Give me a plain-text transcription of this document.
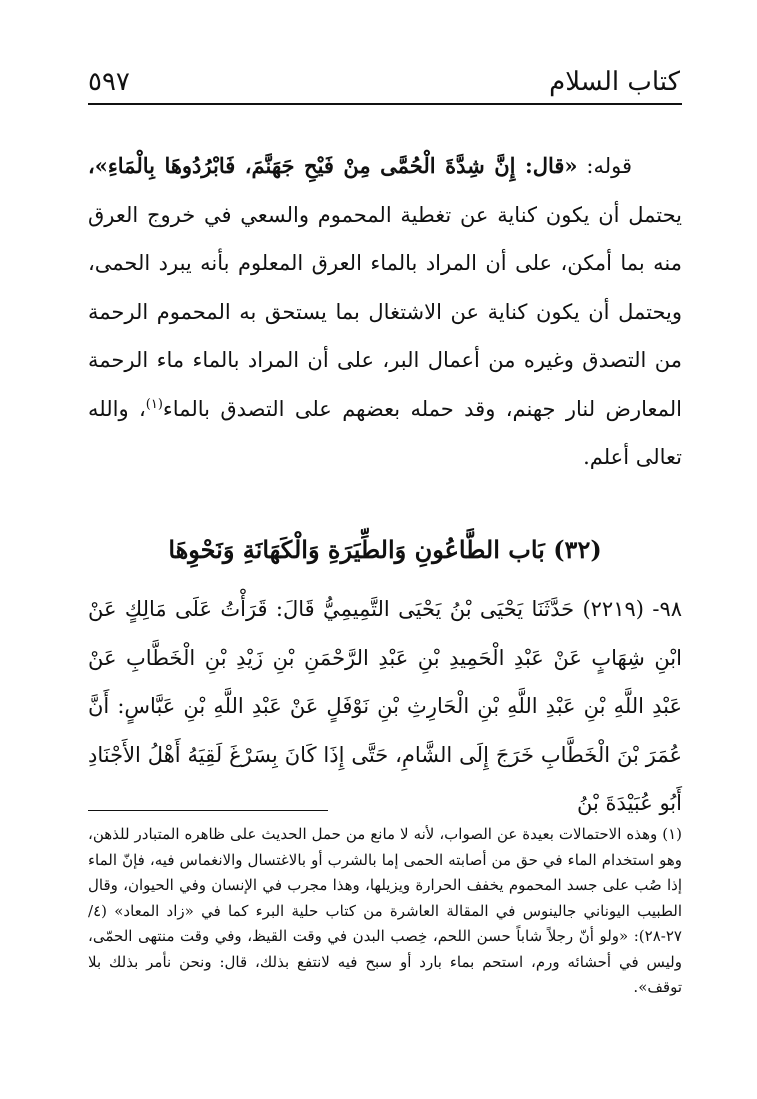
كتاب السلام
٥٩٧

قوله: «قال: إِنَّ شِدَّةَ الْحُمَّى مِنْ فَيْحِ جَهَنَّمَ، فَابْرُدُوهَا بِالْمَاءِ»، يحتمل أن يكون كناية عن تغطية المحموم والسعي في خروج العرق منه بما أمكن، على أن المراد بالماء العرق المعلوم بأنه يبرد الحمى، ويحتمل أن يكون كناية عن الاشتغال بما يستحق به المحموم الرحمة من التصدق وغيره من أعمال البر، على أن المراد بالماء ماء الرحمة المعارض لنار جهنم، وقد حمله بعضهم على التصدق بالماء$^{(١)}$، والله تعالى أعلم.

(٣٢) بَاب الطَّاعُونِ وَالطِّيَرَةِ وَالْكَهَانَةِ وَنَحْوِهَا

٩٨- (٢٢١٩) حَدَّثَنَا يَحْيَى بْنُ يَحْيَى التَّمِيمِيُّ قَالَ: قَرَأْتُ عَلَى مَالِكٍ عَنْ ابْنِ شِهَابٍ عَنْ عَبْدِ الْحَمِيدِ بْنِ عَبْدِ الرَّحْمَنِ بْنِ زَيْدِ بْنِ الْخَطَّابِ عَنْ عَبْدِ اللَّهِ بْنِ عَبْدِ اللَّهِ بْنِ الْحَارِثِ بْنِ نَوْفَلٍ عَنْ عَبْدِ اللَّهِ بْنِ عَبَّاسٍ: أَنَّ عُمَرَ بْنَ الْخَطَّابِ خَرَجَ إِلَى الشَّامِ، حَتَّى إِذَا كَانَ بِسَرْغَ لَقِيَهُ أَهْلُ الأَجْنَادِ أَبُو عُبَيْدَةَ بْنُ

(١) وهذه الاحتمالات بعيدة عن الصواب، لأنه لا مانع من حمل الحديث على ظاهره المتبادر للذهن، وهو استخدام الماء في حق من أصابته الحمى إما بالشرب أو بالاغتسال والانغماس فيه، فإنّ الماء إذا صُب على جسد المحموم يخفف الحرارة ويزيلها، وهذا مجرب في الإنسان وفي الحيوان، وقال الطبيب اليوناني جالينوس في المقالة العاشرة من كتاب حلية البرء كما في «زاد المعاد» (٤/ ٢٧-٢٨): «ولو أنّ رجلاً شاباً حسن اللحم، خِصب البدن في وقت القيظ، وفي وقت منتهى الحمّى، وليس في أحشائه ورم، استحم بماء بارد أو سبح فيه لانتفع بذلك، قال: ونحن نأمر بذلك بلا توقف».
